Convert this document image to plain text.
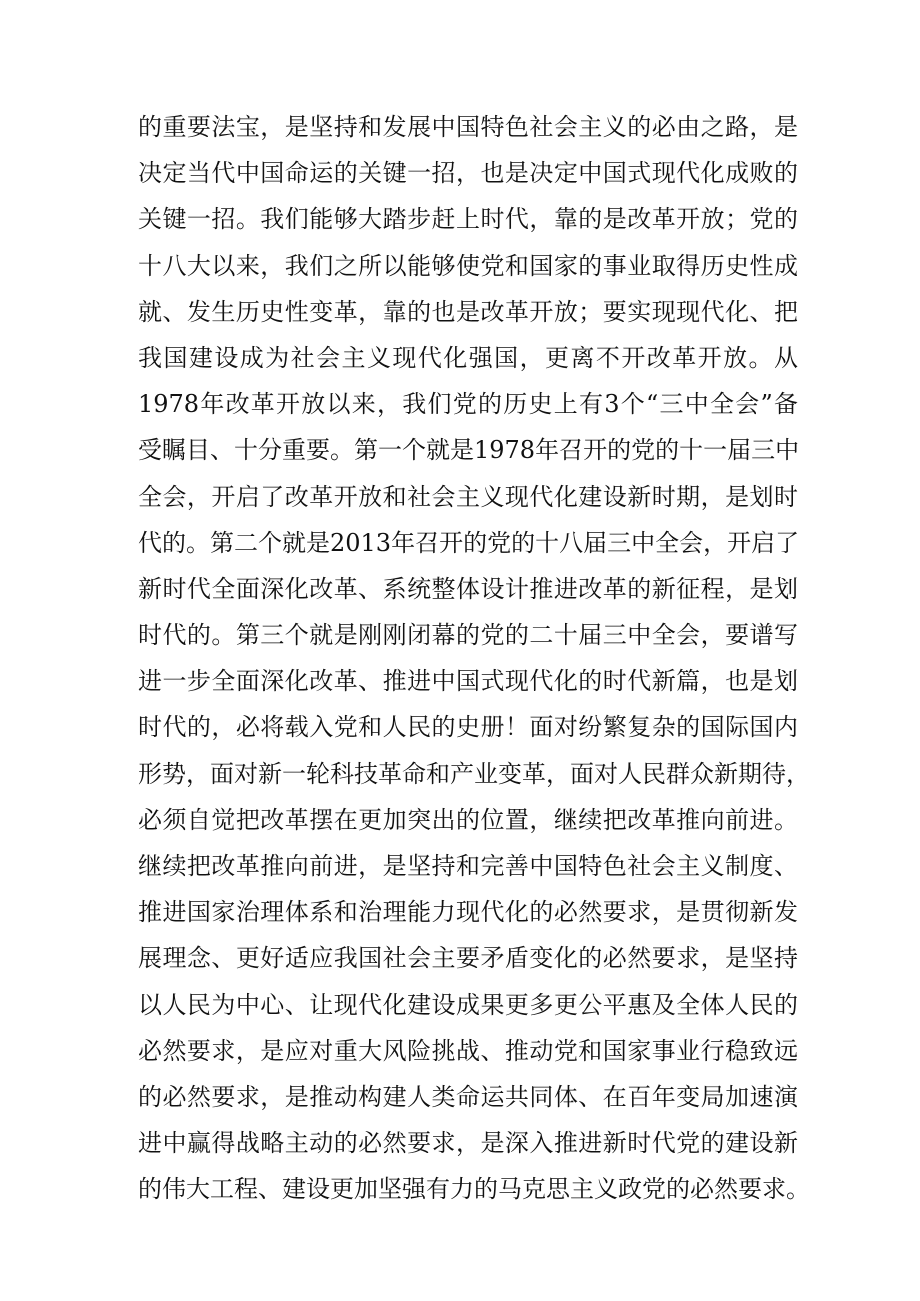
的重要法宝，是坚持和发展中国特色社会主义的必由之路，是
决定当代中国命运的关键一招，也是决定中国式现代化成败的
关键一招。我们能够大踏步赶上时代，靠的是改革开放；党的
十八大以来，我们之所以能够使党和国家的事业取得历史性成
就、发生历史性变革，靠的也是改革开放；要实现现代化、把
我国建设成为社会主义现代化强国，更离不开改革开放。从
1978年改革开放以来，我们党的历史上有3个“三中全会”备
受瞩目、十分重要。第一个就是1978年召开的党的十一届三中
全会，开启了改革开放和社会主义现代化建设新时期，是划时
代的。第二个就是2013年召开的党的十八届三中全会，开启了
新时代全面深化改革、系统整体设计推进改革的新征程，是划
时代的。第三个就是刚刚闭幕的党的二十届三中全会，要谱写
进一步全面深化改革、推进中国式现代化的时代新篇，也是划
时代的，必将载入党和人民的史册！面对纷繁复杂的国际国内
形势，面对新一轮科技革命和产业变革，面对人民群众新期待，
必须自觉把改革摆在更加突出的位置，继续把改革推向前进。
继续把改革推向前进，是坚持和完善中国特色社会主义制度、
推进国家治理体系和治理能力现代化的必然要求，是贯彻新发
展理念、更好适应我国社会主要矛盾变化的必然要求，是坚持
以人民为中心、让现代化建设成果更多更公平惠及全体人民的
必然要求，是应对重大风险挑战、推动党和国家事业行稳致远
的必然要求，是推动构建人类命运共同体、在百年变局加速演
进中赢得战略主动的必然要求，是深入推进新时代党的建设新
的伟大工程、建设更加坚强有力的马克思主义政党的必然要求。
